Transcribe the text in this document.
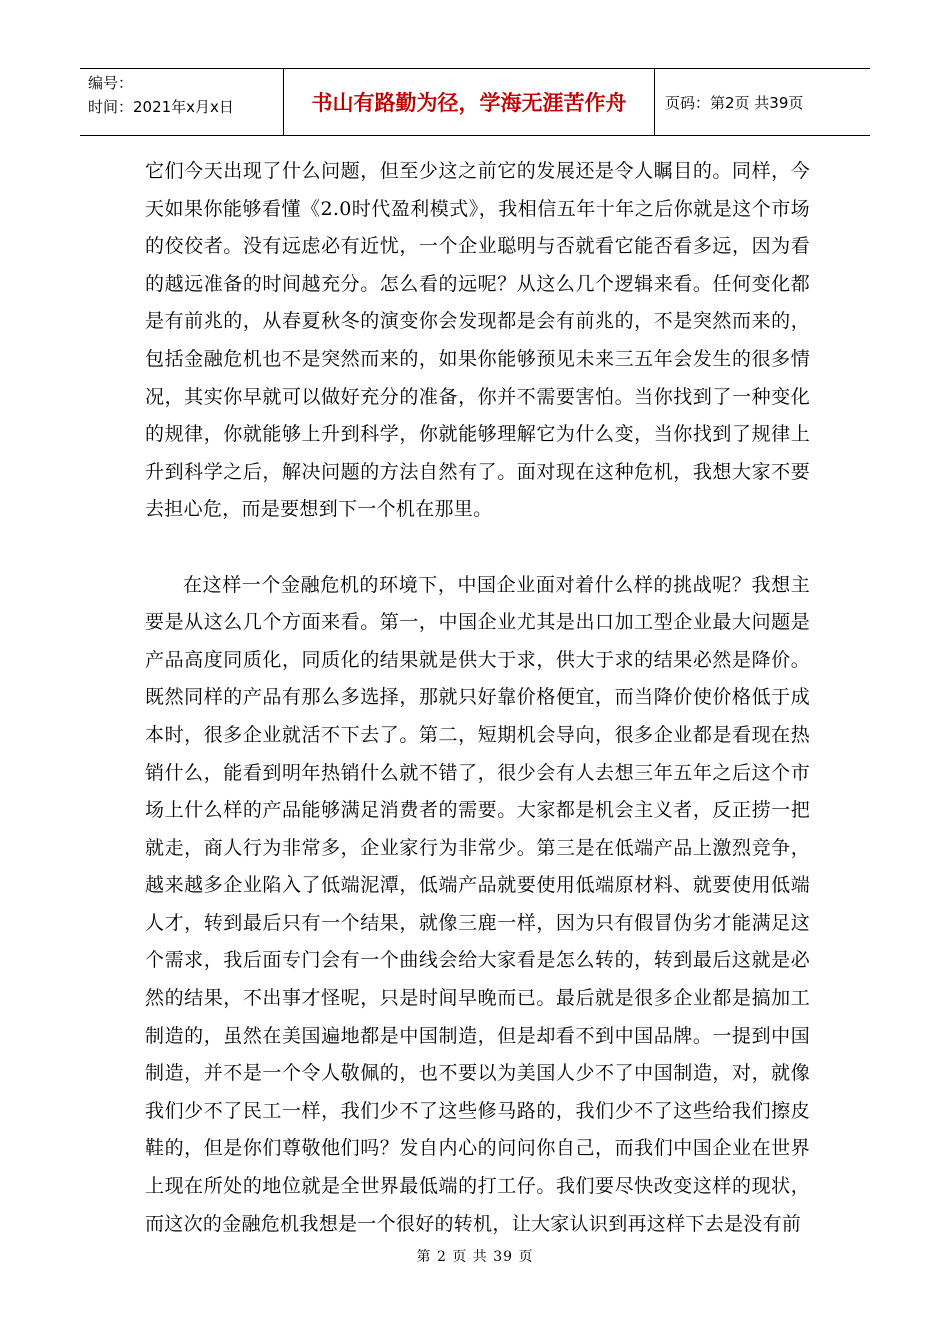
编号：
时间：2021年x月x日	书山有路勤为径，学海无涯苦作舟	页码：第2页 共39页

它们今天出现了什么问题，但至少这之前它的发展还是令人瞩目的。同样，今天如果你能够看懂《2.0时代盈利模式》，我相信五年十年之后你就是这个市场的佼佼者。没有远虑必有近忧，一个企业聪明与否就看它能否看多远，因为看的越远准备的时间越充分。怎么看的远呢？从这么几个逻辑来看。任何变化都是有前兆的，从春夏秋冬的演变你会发现都是会有前兆的，不是突然而来的，包括金融危机也不是突然而来的，如果你能够预见未来三五年会发生的很多情况，其实你早就可以做好充分的准备，你并不需要害怕。当你找到了一种变化的规律，你就能够上升到科学，你就能够理解它为什么变，当你找到了规律上升到科学之后，解决问题的方法自然有了。面对现在这种危机，我想大家不要去担心危，而是要想到下一个机在那里。

在这样一个金融危机的环境下，中国企业面对着什么样的挑战呢？我想主要是从这么几个方面来看。第一，中国企业尤其是出口加工型企业最大问题是产品高度同质化，同质化的结果就是供大于求，供大于求的结果必然是降价。既然同样的产品有那么多选择，那就只好靠价格便宜，而当降价使价格低于成本时，很多企业就活不下去了。第二，短期机会导向，很多企业都是看现在热销什么，能看到明年热销什么就不错了，很少会有人去想三年五年之后这个市场上什么样的产品能够满足消费者的需要。大家都是机会主义者，反正捞一把就走，商人行为非常多，企业家行为非常少。第三是在低端产品上激烈竞争，越来越多企业陷入了低端泥潭，低端产品就要使用低端原材料、就要使用低端人才，转到最后只有一个结果，就像三鹿一样，因为只有假冒伪劣才能满足这个需求，我后面专门会有一个曲线会给大家看是怎么转的，转到最后这就是必然的结果，不出事才怪呢，只是时间早晚而已。最后就是很多企业都是搞加工制造的，虽然在美国遍地都是中国制造，但是却看不到中国品牌。一提到中国制造，并不是一个令人敬佩的，也不要以为美国人少不了中国制造，对，就像我们少不了民工一样，我们少不了这些修马路的，我们少不了这些给我们擦皮鞋的，但是你们尊敬他们吗？发自内心的问问你自己，而我们中国企业在世界上现在所处的地位就是全世界最低端的打工仔。我们要尽快改变这样的现状，而这次的金融危机我想是一个很好的转机，让大家认识到再这样下去是没有前

第 2 页 共 39 页
